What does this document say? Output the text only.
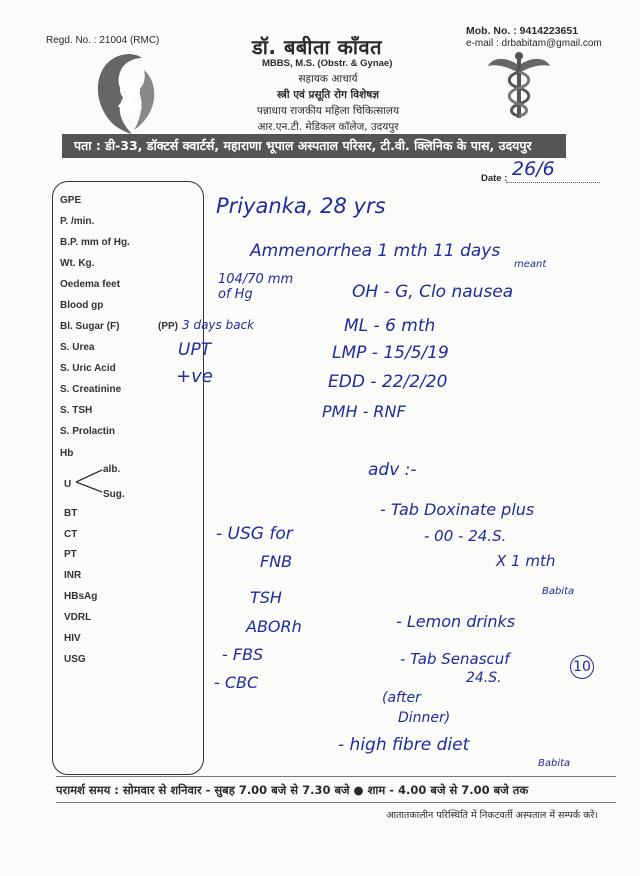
Regd. No. : 21004 (RMC)	डॉ. बबीता काँवत
MBBS, M.S. (Obstr. & Gynae)
सहायक आचार्य
स्त्री एवं प्रसूति रोग विशेषज्ञ
पन्नाधाय राजकीय महिला चिकित्सालय
आर.एन.टी. मेडिकल कॉलेज, उदयपुर
Mob. No. : 9414223651
e-mail : drbabitam@gmail.com
पता : डी-33, डॉक्टर्स क्वार्टर्स, महाराणा भूपाल अस्पताल परिसर, टी.वी. क्लिनिक के पास, उदयपुर
Date : 26/6
GPE
P. /min.
B.P. mm of Hg.
Wt. Kg.
Oedema feet
Blood gp
Bl. Sugar (F)	(PP)
S. Urea
S. Uric Acid
S. Creatinine
S. TSH
S. Prolactin
Hb
U
alb.
Sug.
BT
CT
PT
INR
HBsAg
VDRL
HIV
USG
Priyanka, 28 yrs
Ammenorrhea 1 mth 11 days
meant
104/70 mm of Hg	OH - G, Clo nausea
ML - 6 mth
3 days back
UPT	LMP - 15/5/19
+ve	EDD - 22/2/20
PMH - RNF
adv :-
- USG for
FNB
TSH
ABORh
- FBS
- CBC
- Tab Doxinate plus
- 00 - 24.S.
X 1 mth
Babita
- Lemon drinks
- Tab Senascuf	10
24.S.
(after
Dinner)
- high fibre diet
Babita
परामर्श समय : सोमवार से शनिवार - सुबह 7.00 बजे से 7.30 बजे ● शाम - 4.00 बजे से 7.00 बजे तक
आतातकालीन परिस्थिति में निकटवर्ती अस्पताल में सम्पर्क करें।
